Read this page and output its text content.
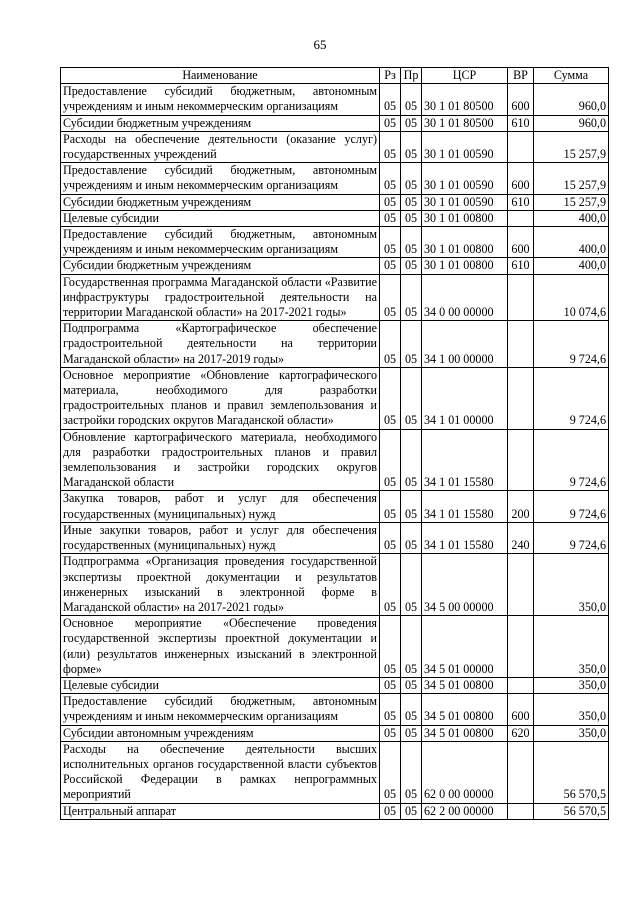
65
Наименование	Рз	Пр	ЦСР	ВР	Сумма
Предоставление субсидий бюджетным, автономным учреждениям и иным некоммерческим организациям	05	05	30 1 01 80500	600	960,0
Субсидии бюджетным учреждениям	05	05	30 1 01 80500	610	960,0
Расходы на обеспечение деятельности (оказание услуг) государственных учреждений	05	05	30 1 01 00590		15 257,9
Предоставление субсидий бюджетным, автономным учреждениям и иным некоммерческим организациям	05	05	30 1 01 00590	600	15 257,9
Субсидии бюджетным учреждениям	05	05	30 1 01 00590	610	15 257,9
Целевые субсидии	05	05	30 1 01 00800		400,0
Предоставление субсидий бюджетным, автономным учреждениям и иным некоммерческим организациям	05	05	30 1 01 00800	600	400,0
Субсидии бюджетным учреждениям	05	05	30 1 01 00800	610	400,0
Государственная программа Магаданской области «Развитие инфраструктуры градостроительной деятельности на территории Магаданской области» на 2017-2021 годы»	05	05	34 0 00 00000		10 074,6
Подпрограмма «Картографическое обеспечение градостроительной деятельности на территории Магаданской области» на 2017-2019 годы»	05	05	34 1 00 00000		9 724,6
Основное мероприятие «Обновление картографического материала, необходимого для разработки градостроительных планов и правил землепользования и застройки городских округов Магаданской области»	05	05	34 1 01 00000		9 724,6
Обновление картографического материала, необходимого для разработки градостроительных планов и правил землепользования и застройки городских округов Магаданской области	05	05	34 1 01 15580		9 724,6
Закупка товаров, работ и услуг для обеспечения государственных (муниципальных) нужд	05	05	34 1 01 15580	200	9 724,6
Иные закупки товаров, работ и услуг для обеспечения государственных (муниципальных) нужд	05	05	34 1 01 15580	240	9 724,6
Подпрограмма «Организация проведения государственной экспертизы проектной документации и результатов инженерных изысканий в электронной форме в Магаданской области» на 2017-2021 годы»	05	05	34 5 00 00000		350,0
Основное мероприятие «Обеспечение проведения государственной экспертизы проектной документации и (или) результатов инженерных изысканий в электронной форме»	05	05	34 5 01 00000		350,0
Целевые субсидии	05	05	34 5 01 00800		350,0
Предоставление субсидий бюджетным, автономным учреждениям и иным некоммерческим организациям	05	05	34 5 01 00800	600	350,0
Субсидии автономным учреждениям	05	05	34 5 01 00800	620	350,0
Расходы на обеспечение деятельности высших исполнительных органов государственной власти субъектов Российской Федерации в рамках непрограммных мероприятий	05	05	62 0 00 00000		56 570,5
Центральный аппарат	05	05	62 2 00 00000		56 570,5
